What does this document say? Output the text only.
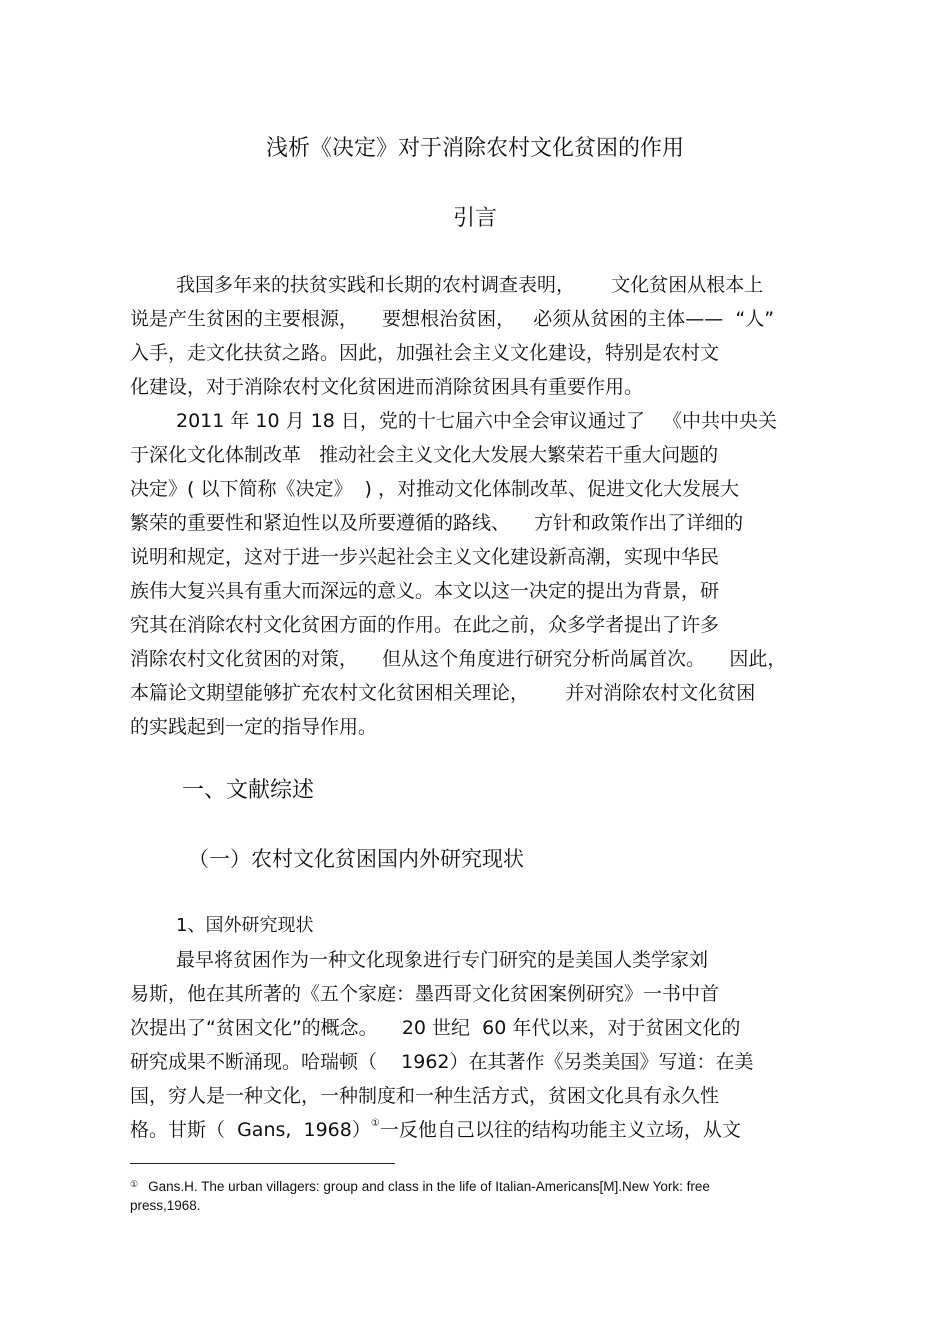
浅析《决定》对于消除农村文化贫困的作用
引言
我国多年来的扶贫实践和长期的农村调查表明，      文化贫困从根本上
说是产生贫困的主要根源，    要想根治贫困，   必须从贫困的主体——  “人”
入手，走文化扶贫之路。因此，加强社会主义文化建设，特别是农村文
化建设，对于消除农村文化贫困进而消除贫困具有重要作用。
2011 年 10 月 18 日，党的十七届六中全会审议通过了   《中共中央关
于深化文化体制改革   推动社会主义文化大发展大繁荣若干重大问题的
决定》( 以下简称《决定》  ) ，对推动文化体制改革、促进文化大发展大
繁荣的重要性和紧迫性以及所要遵循的路线、    方针和政策作出了详细的
说明和规定，这对于进一步兴起社会主义文化建设新高潮，实现中华民
族伟大复兴具有重大而深远的意义。本文以这一决定的提出为背景，研
究其在消除农村文化贫困方面的作用。在此之前，众多学者提出了许多
消除农村文化贫困的对策，    但从这个角度进行研究分析尚属首次。    因此，
本篇论文期望能够扩充农村文化贫困相关理论，      并对消除农村文化贫困
的实践起到一定的指导作用。
一、文献综述
（一）农村文化贫困国内外研究现状
1、国外研究现状
最早将贫困作为一种文化现象进行专门研究的是美国人类学家刘
易斯，他在其所著的《五个家庭：墨西哥文化贫困案例研究》一书中首
次提出了“贫困文化”的概念。    20 世纪  60 年代以来，对于贫困文化的
研究成果不断涌现。哈瑞顿（    1962）在其著作《另类美国》写道：在美
国，穷人是一种文化，一种制度和一种生活方式，贫困文化具有永久性
格。甘斯（  Gans,  1968）①一反他自己以往的结构功能主义立场，从文
① Gans.H. The urban villagers: group and class in the life of Italian-Americans[M].New York: free
press,1968.
